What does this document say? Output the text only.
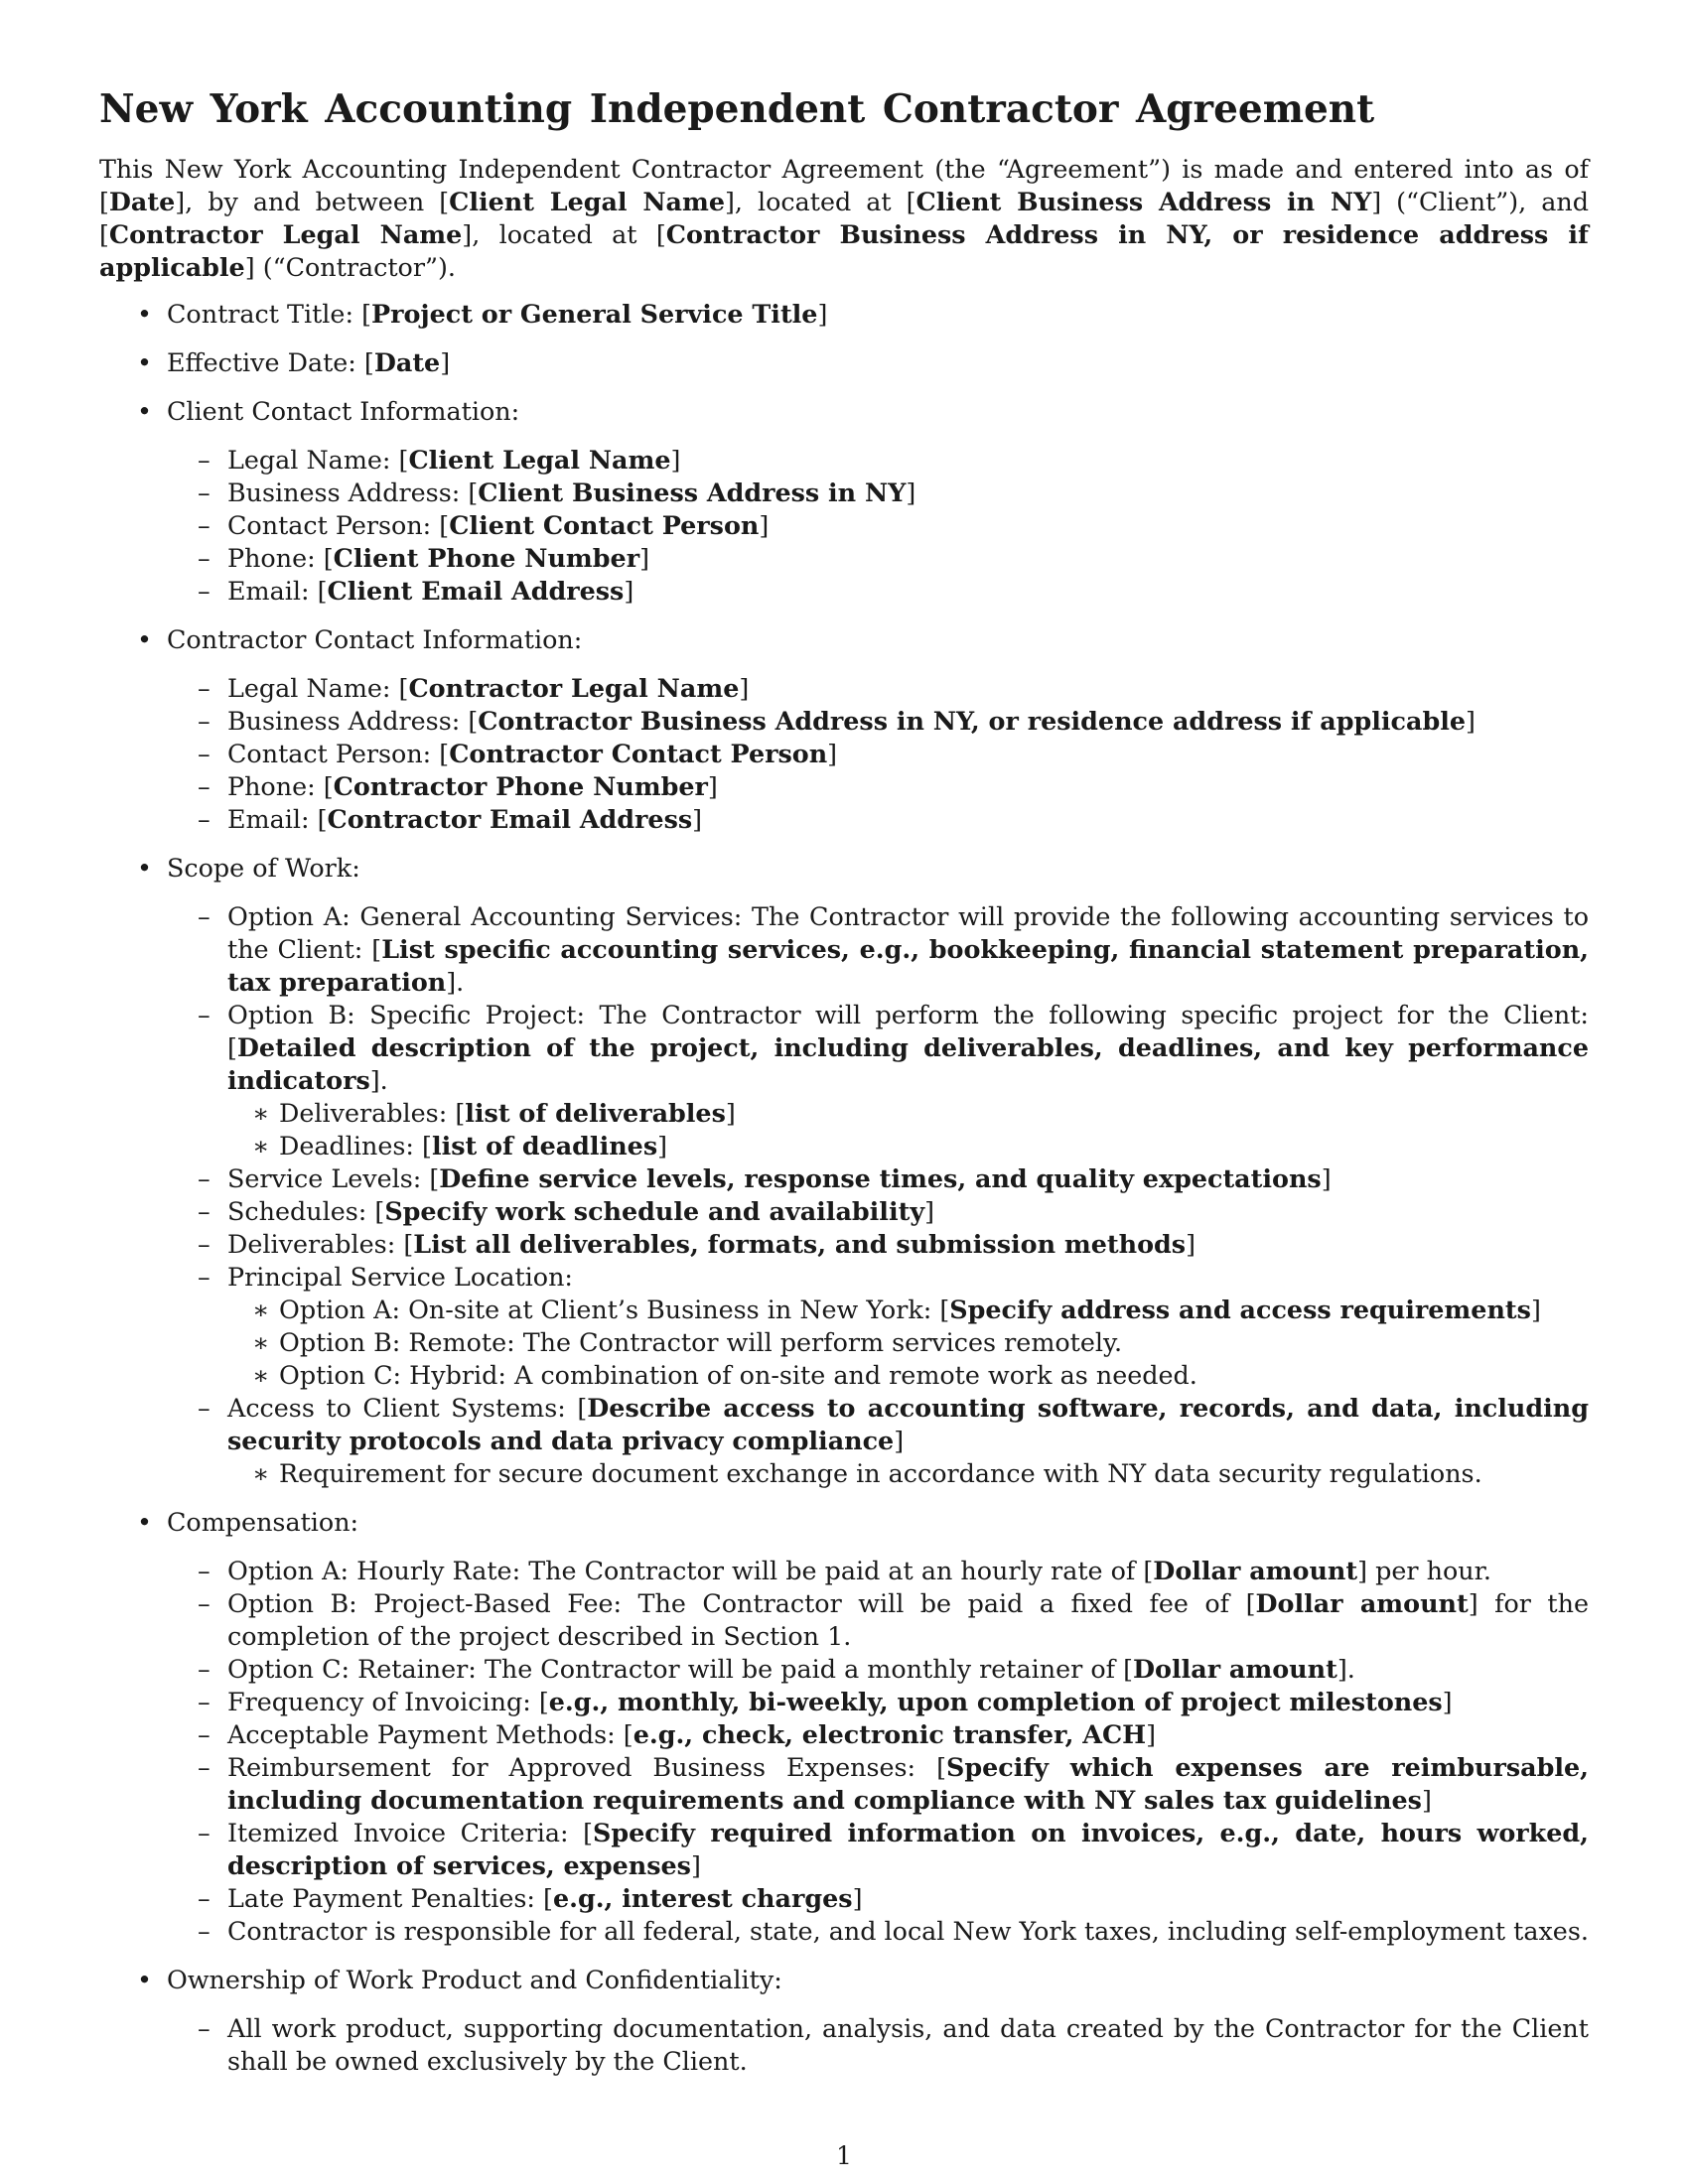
New York Accounting Independent Contractor Agreement

This New York Accounting Independent Contractor Agreement (the “Agreement”) is made and entered into as of [Date], by and between [Client Legal Name], located at [Client Business Address in NY] (“Client”), and [Contractor Legal Name], located at [Contractor Business Address in NY, or residence address if applicable] (“Contractor”).

• Contract Title: [Project or General Service Title]
• Effective Date: [Date]
• Client Contact Information:
– Legal Name: [Client Legal Name]
– Business Address: [Client Business Address in NY]
– Contact Person: [Client Contact Person]
– Phone: [Client Phone Number]
– Email: [Client Email Address]
• Contractor Contact Information:
– Legal Name: [Contractor Legal Name]
– Business Address: [Contractor Business Address in NY, or residence address if applicable]
– Contact Person: [Contractor Contact Person]
– Phone: [Contractor Phone Number]
– Email: [Contractor Email Address]
• Scope of Work:
– Option A: General Accounting Services: The Contractor will provide the following accounting services to the Client: [List specific accounting services, e.g., bookkeeping, financial statement preparation, tax preparation].
– Option B: Specific Project: The Contractor will perform the following specific project for the Client: [Detailed description of the project, including deliverables, deadlines, and key performance indicators].
∗ Deliverables: [list of deliverables]
∗ Deadlines: [list of deadlines]
– Service Levels: [Define service levels, response times, and quality expectations]
– Schedules: [Specify work schedule and availability]
– Deliverables: [List all deliverables, formats, and submission methods]
– Principal Service Location:
∗ Option A: On-site at Client’s Business in New York: [Specify address and access requirements]
∗ Option B: Remote: The Contractor will perform services remotely.
∗ Option C: Hybrid: A combination of on-site and remote work as needed.
– Access to Client Systems: [Describe access to accounting software, records, and data, including security protocols and data privacy compliance]
∗ Requirement for secure document exchange in accordance with NY data security regulations.
• Compensation:
– Option A: Hourly Rate: The Contractor will be paid at an hourly rate of [Dollar amount] per hour.
– Option B: Project-Based Fee: The Contractor will be paid a fixed fee of [Dollar amount] for the completion of the project described in Section 1.
– Option C: Retainer: The Contractor will be paid a monthly retainer of [Dollar amount].
– Frequency of Invoicing: [e.g., monthly, bi-weekly, upon completion of project milestones]
– Acceptable Payment Methods: [e.g., check, electronic transfer, ACH]
– Reimbursement for Approved Business Expenses: [Specify which expenses are reimbursable, including documentation requirements and compliance with NY sales tax guidelines]
– Itemized Invoice Criteria: [Specify required information on invoices, e.g., date, hours worked, description of services, expenses]
– Late Payment Penalties: [e.g., interest charges]
– Contractor is responsible for all federal, state, and local New York taxes, including self-employment taxes.
• Ownership of Work Product and Confidentiality:
– All work product, supporting documentation, analysis, and data created by the Contractor for the Client shall be owned exclusively by the Client.
1
